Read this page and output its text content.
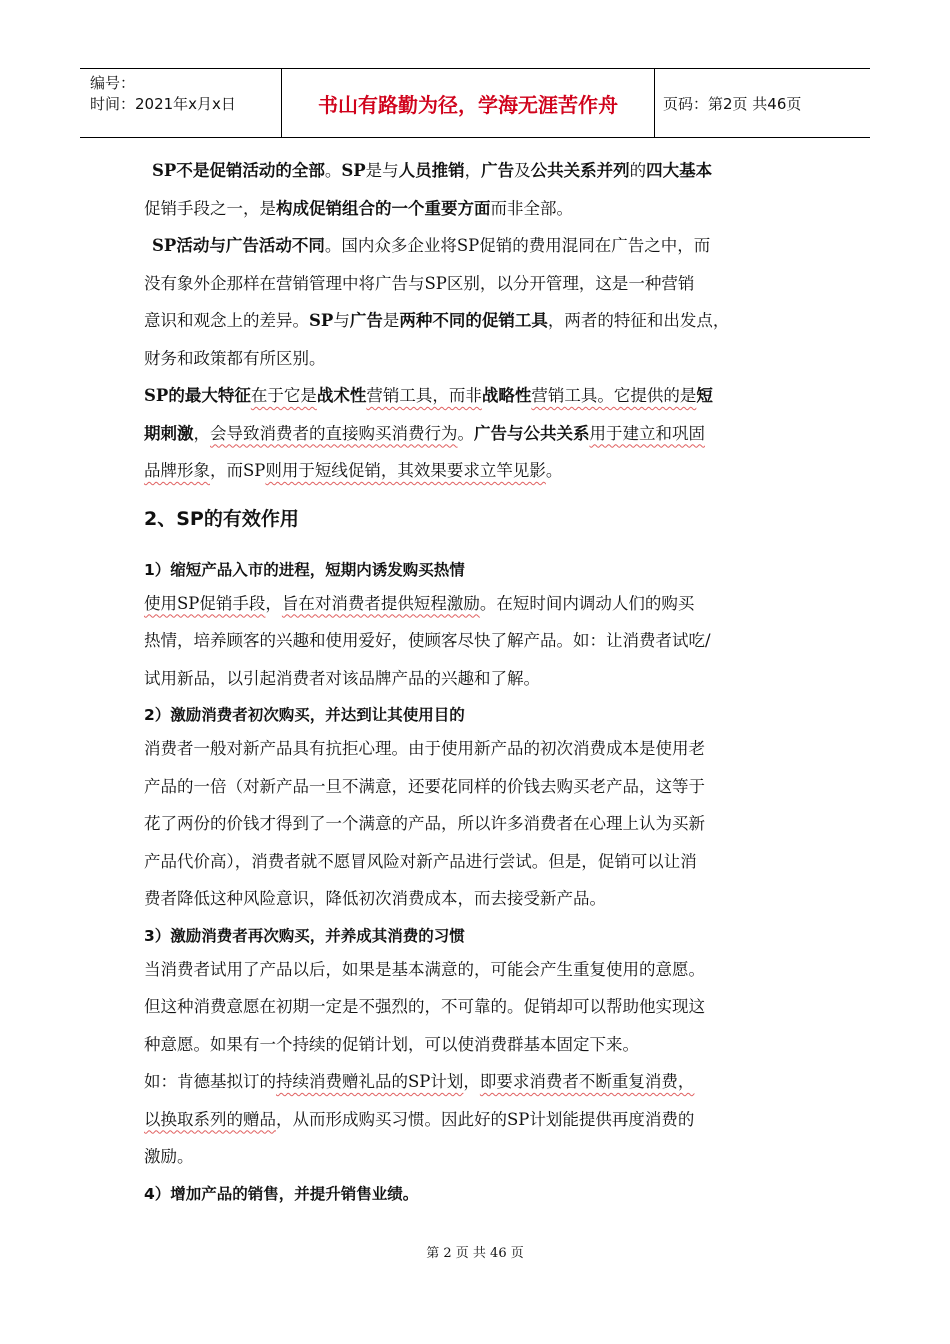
编号：
时间：2021年x月x日	书山有路勤为径，学海无涯苦作舟	页码：第2页 共46页
SP不是促销活动的全部。SP是与人员推销，广告及公共关系并列的四大基本
促销手段之一，是构成促销组合的一个重要方面而非全部。
SP活动与广告活动不同。国内众多企业将SP促销的费用混同在广告之中，而
没有象外企那样在营销管理中将广告与SP区别，以分开管理，这是一种营销
意识和观念上的差异。SP与广告是两种不同的促销工具，两者的特征和出发点，
财务和政策都有所区别。
SP的最大特征在于它是战术性营销工具，而非战略性营销工具。它提供的是短
期刺激，会导致消费者的直接购买消费行为。广告与公共关系用于建立和巩固
品牌形象，而SP则用于短线促销，其效果要求立竿见影。
2、SP的有效作用
1）缩短产品入市的进程，短期内诱发购买热情
使用SP促销手段，旨在对消费者提供短程激励。在短时间内调动人们的购买
热情，培养顾客的兴趣和使用爱好，使顾客尽快了解产品。如：让消费者试吃/
试用新品，以引起消费者对该品牌产品的兴趣和了解。
2）激励消费者初次购买，并达到让其使用目的
消费者一般对新产品具有抗拒心理。由于使用新产品的初次消费成本是使用老
产品的一倍（对新产品一旦不满意，还要花同样的价钱去购买老产品，这等于
花了两份的价钱才得到了一个满意的产品，所以许多消费者在心理上认为买新
产品代价高），消费者就不愿冒风险对新产品进行尝试。但是，促销可以让消
费者降低这种风险意识，降低初次消费成本，而去接受新产品。
3）激励消费者再次购买，并养成其消费的习惯
当消费者试用了产品以后，如果是基本满意的，可能会产生重复使用的意愿。
但这种消费意愿在初期一定是不强烈的，不可靠的。促销却可以帮助他实现这
种意愿。如果有一个持续的促销计划，可以使消费群基本固定下来。
如：肯德基拟订的持续消费赠礼品的SP计划，即要求消费者不断重复消费，
以换取系列的赠品，从而形成购买习惯。因此好的SP计划能提供再度消费的
激励。
4）增加产品的销售，并提升销售业绩。
第 2 页 共 46 页
